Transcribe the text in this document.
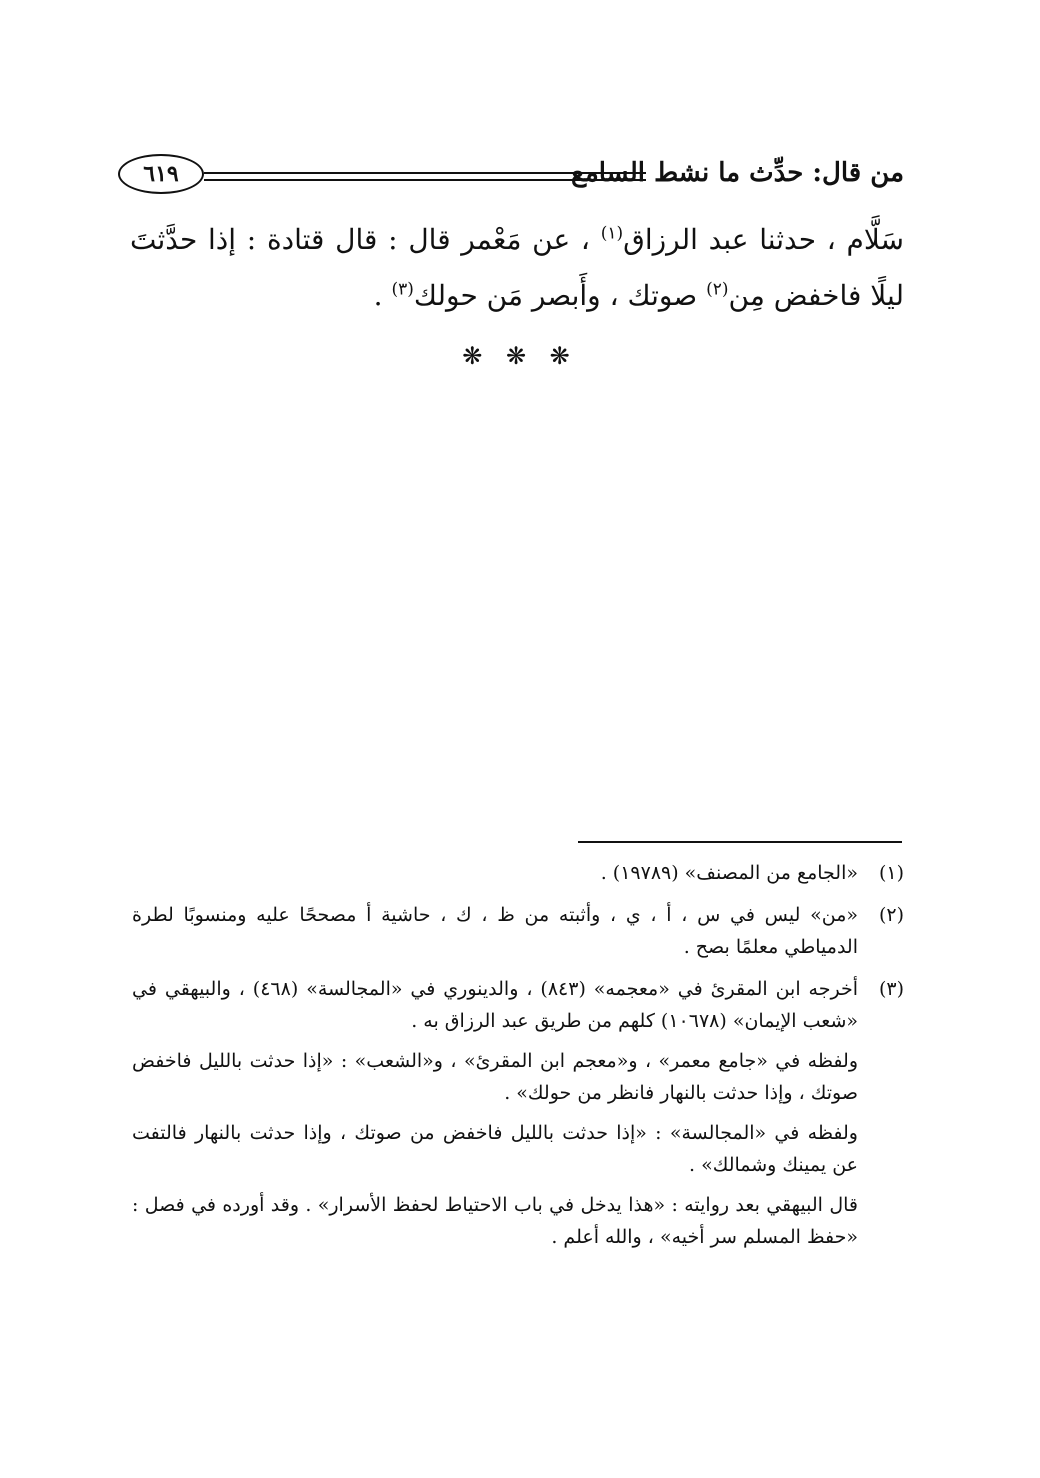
من قال: حدِّث ما نشط السامع
٦١٩

سَلَّام ، حدثنا عبد الرزاق$^{(١)}$ ، عن مَعْمر قال : قال قتادة : إذا حدَّثتَ ليلًا فاخفض مِن$^{(٢)}$ صوتك ، وأَبصر مَن حولك$^{(٣)}$ .

❋ ❋ ❋
(١)
«الجامع من المصنف» (١٩٧٨٩) .
(٢)
«من» ليس في س ، أ ، ي ، وأثبته من ظ ، ك ، حاشية أ مصححًا عليه ومنسوبًا لطرة الدمياطي معلمًا بصح .
(٣)
أخرجه ابن المقرئ في «معجمه» (٨٤٣) ، والدينوري في «المجالسة» (٤٦٨) ، والبيهقي في «شعب الإيمان» (١٠٦٧٨) كلهم من طريق عبد الرزاق به .
ولفظه في «جامع معمر» ، و«معجم ابن المقرئ» ، و«الشعب» : «إذا حدثت بالليل فاخفض صوتك ، وإذا حدثت بالنهار فانظر من حولك» .
ولفظه في «المجالسة» : «إذا حدثت بالليل فاخفض من صوتك ، وإذا حدثت بالنهار فالتفت عن يمينك وشمالك» .
قال البيهقي بعد روايته : «هذا يدخل في باب الاحتياط لحفظ الأسرار» . وقد أورده في فصل : «حفظ المسلم سر أخيه» ، والله أعلم .
